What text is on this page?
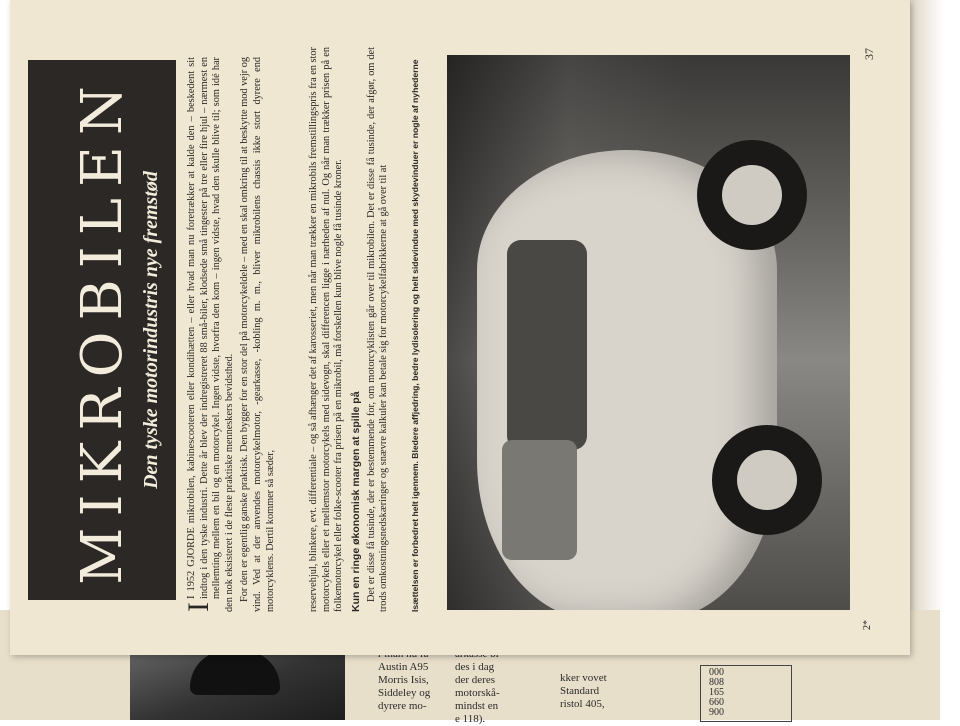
Austin A95
Morris Isis,
Siddeley og
dyrere mo-
des i dag
der deres
motorskå-
mindst en
e 118).
kker vovet
Standard
ristol 405,
000
808
165
660
900
MIKROBILEN Den tyske motorindustris nye fremstød
★
★

I
I 1952 GJORDE mikrobilen, kabinescooteren eller kondihætten – eller hvad man nu foretrækker at kalde den – beskedent sit indtog i den tyske industri. Dette år blev der indregistreret 88 små-biler, klodsede små tingester på tre eller fire hjul – nærmest en mellemting mellem en bil og en motorcykel. Ingen vidste, hvorfra den kom – ingen vidste, hvad den skulle blive til; som idé har den nok eksisteret i de fleste praktiske menneskers bevidsthed. For den er egentlig ganske praktisk. Den bygger for en stor del på motorcykeldele – med en skal omkring til at beskytte mod vejr og vind. Ved at der anvendes motorcykelmotor, -gearkasse, -kobling m. m., bliver mikrobilens chassis ikke stort dyrere end motorcyklens. Dertil kommer så sæder,	reservehjul, blinkere, evt. differentiale – og så afhænger det af karosseriet, men når man trækker en mikrobils fremstillingspris fra en stor motorcykels eller et mellemstor motorcykels med sidevogn, skal differencen ligge i nærheden af nul. Og når man trækker prisen på en folkemotorcykel eller folke-scooter fra prisen på en mikrobil, må forskellen kun blive nogle få tusinde kroner. Kun en ringe økonomisk margen at spille på Det er disse få tusinde, der er bestemmende for, om motorcyklisten går over til mikrobilen. Det er disse få tusinde, der afgør, om det trods omkostningsnedskæringer og snævre kalkuler kan betale sig for motorcykelfabrikkerne at gå over til at Isættelsen er forbedret helt igennem. Bledere affjedring, bedre lydisolering og helt sidevindue med skydevinduer er nogle af nyhederne
37
2*
